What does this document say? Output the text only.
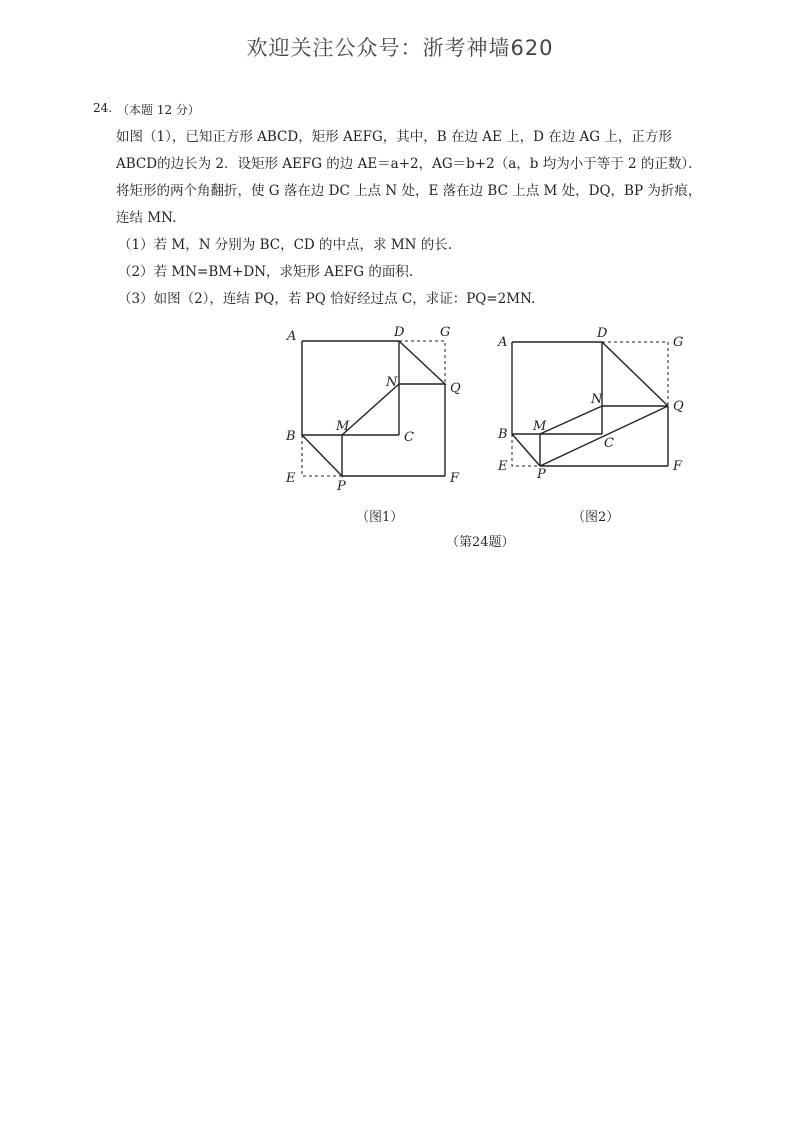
欢迎关注公众号：浙考神墙620
24. （本题 12 分）
如图（1），已知正方形 ABCD，矩形 AEFG，其中，B 在边 AE 上，D 在边 AG 上，正方形
ABCD的边长为 2．设矩形 AEFG 的边 AE＝a+2，AG＝b+2（a，b 均为小于等于 2 的正数）．
将矩形的两个角翻折，使 G 落在边 DC 上点 N 处，E 落在边 BC 上点 M 处，DQ，BP 为折痕，
连结 MN.
（1）若 M，N 分别为 BC，CD 的中点，求 MN 的长.
（2）若 MN=BM+DN，求矩形 AEFG 的面积.
（3）如图（2），连结 PQ，若 PQ 恰好经过点 C，求证：PQ=2MN.
A	D	G
N	Q
B
M
C
E
P
F
A
D
G
N	Q
B
M
C
E
P
F
（图1）	（图2）
（第24题）
